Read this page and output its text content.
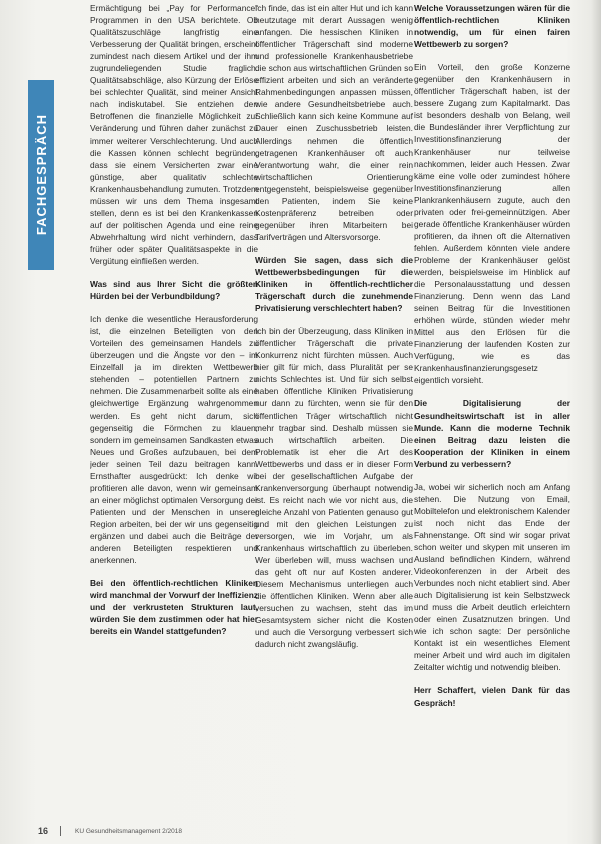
FACHGESPRÄCH

Ermächtigung bei „Pay for Performance“ Programmen in den USA berichtete. Ob Qualitätszuschläge langfristig eine Verbesserung der Qualität bringen, erscheint zumindest nach diesem Artikel und der ihm zugrundeliegenden Studie fraglich. Qualitätsabschläge, also Kürzung der Erlöse bei schlechter Qualität, sind meiner Ansicht nach indiskutabel. Sie entziehen den Betroffenen die finanzielle Möglichkeit zur Veränderung und führen daher zunächst zu immer weiterer Verschlechterung. Und auch die Kassen können schlecht begründen, dass sie einem Versicherten zwar eine günstige, aber qualitativ schlechte Krankenhausbehandlung zumuten. Trotzdem müssen wir uns dem Thema insgesamt stellen, denn es ist bei den Krankenkassen auf der politischen Agenda und eine reine Abwehrhaltung wird nicht verhindern, dass früher oder später Qualitätsaspekte in die Vergütung einfließen werden.

Was sind aus Ihrer Sicht die größten Hürden bei der Verbundbildung?

Ich denke die wesentliche Herausforderung ist, die einzelnen Beteiligten von den Vorteilen des gemeinsamen Handels zu überzeugen und die Ängste vor den – im Einzelfall ja im direkten Wettbewerb stehenden – potentiellen Partnern zu nehmen. Die Zusammenarbeit sollte als eine gleichwertige Ergänzung wahrgenommen werden. Es geht nicht darum, sich gegenseitig die Förmchen zu klauen, sondern im gemeinsamen Sandkasten etwas Neues und Großes aufzubauen, bei dem jeder seinen Teil dazu beitragen kann. Ernsthafter ausgedrückt: Ich denke wir profitieren alle davon, wenn wir gemeinsam an einer möglichst optimalen Versorgung der Patienten und der Menschen in unserer Region arbeiten, bei der wir uns gegenseitig ergänzen und dabei auch die Beiträge der anderen Beteiligten respektieren und anerkennen.

Bei den öffentlich-rechtlichen Kliniken wird manchmal der Vorwurf der Ineffizienz und der verkrusteten Strukturen laut, würden Sie dem zustimmen oder hat hier bereits ein Wandel stattgefunden?

Ich finde, das ist ein alter Hut und ich kann heutzutage mit derart Aussagen wenig anfangen. Die hessischen Kliniken in öffentlicher Trägerschaft sind moderne und professionelle Krankenhausbetriebe die schon aus wirtschaftlichen Gründen so effizient arbeiten und sich an veränderte Rahmenbedingungen anpassen müssen, wie andere Gesundheitsbetriebe auch. Schließlich kann sich keine Kommune auf Dauer einen Zuschussbetrieb leisten. Allerdings nehmen die öffentlich getragenen Krankenhäuser oft auch Verantwortung wahr, die einer rein wirtschaftlichen Orientierung entgegensteht, beispielsweise gegenüber den Patienten, indem Sie keine Kostenpräferenz betreiben oder gegenüber ihren Mitarbeitern bei Tarifverträgen und Altersvorsorge.

Würden Sie sagen, dass sich die Wettbewerbsbedingungen für die Kliniken in öffentlich-rechtlicher Trägerschaft durch die zunehmende Privatisierung verschlechtert haben?

Ich bin der Überzeugung, dass Kliniken in öffentlicher Trägerschaft die private Konkurrenz nicht fürchten müssen. Auch hier gilt für mich, dass Pluralität per se nichts Schlechtes ist. Und für sich selbst haben öffentliche Kliniken Privatisierung nur dann zu fürchten, wenn sie für den öffentlichen Träger wirtschaftlich nicht mehr tragbar sind. Deshalb müssen sie auch wirtschaftlich arbeiten. Die Problematik ist eher die Art des Wettbewerbs und dass er in dieser Form bei der gesellschaftlichen Aufgabe der Krankenversorgung überhaupt notwendig ist. Es reicht nach wie vor nicht aus, die gleiche Anzahl von Patienten genauso gut und mit den gleichen Leistungen zu versorgen, wie im Vorjahr, um als Krankenhaus wirtschaftlich zu überleben. Wer überleben will, muss wachsen und das geht oft nur auf Kosten anderer. Diesem Mechanismus unterliegen auch die öffentlichen Kliniken. Wenn aber alle versuchen zu wachsen, steht das im Gesamtsystem sicher nicht die Kosten und auch die Versorgung verbessert sich dadurch nicht zwangsläufig.

Welche Voraussetzungen wären für die öffentlich-rechtlichen Kliniken notwendig, um für einen fairen Wettbewerb zu sorgen?

Ein Vorteil, den große Konzerne gegenüber den Krankenhäusern in öffentlicher Trägerschaft haben, ist der bessere Zugang zum Kapitalmarkt. Das ist besonders deshalb von Belang, weil die Bundesländer ihrer Verpflichtung zur Investitionsfinanzierung der Krankenhäuser nur teilweise nachkommen, leider auch Hessen. Zwar käme eine volle oder zumindest höhere Investitionsfinanzierung allen Plankrankenhäusern zugute, auch den privaten oder frei-gemeinnützigen. Aber gerade öffentliche Krankenhäuser würden profitieren, da ihnen oft die Alternativen fehlen. Außerdem könnten viele andere Probleme der Krankenhäuser gelöst werden, beispielsweise im Hinblick auf die Personalausstattung und dessen Finanzierung. Denn wenn das Land seinen Beitrag für die Investitionen erhöhen würde, stünden wieder mehr Mittel aus den Erlösen für die Finanzierung der laufenden Kosten zur Verfügung, wie es das Krankenhausfinanzierungsgesetz eigentlich vorsieht.

Die Digitalisierung der Gesundheitswirtschaft ist in aller Munde. Kann die moderne Technik einen Beitrag dazu leisten die Kooperation der Kliniken in einem Verbund zu verbessern?

Ja, wobei wir sicherlich noch am Anfang stehen. Die Nutzung von Email, Mobiltelefon und elektronischem Kalender ist noch nicht das Ende der Fahnenstange. Oft sind wir sogar privat schon weiter und skypen mit unseren im Ausland befindlichen Kindern, während Videokonferenzen in der Arbeit des Verbundes noch nicht etabliert sind. Aber auch Digitalisierung ist kein Selbstzweck und muss die Arbeit deutlich erleichtern oder einen Zusatznutzen bringen. Und wie ich schon sagte: Der persönliche Kontakt ist ein wesentliches Element meiner Arbeit und wird auch im digitalen Zeitalter wichtig und notwendig bleiben.

Herr Schaffert, vielen Dank für das Gespräch!

16	KU Gesundheitsmanagement 2/2018
